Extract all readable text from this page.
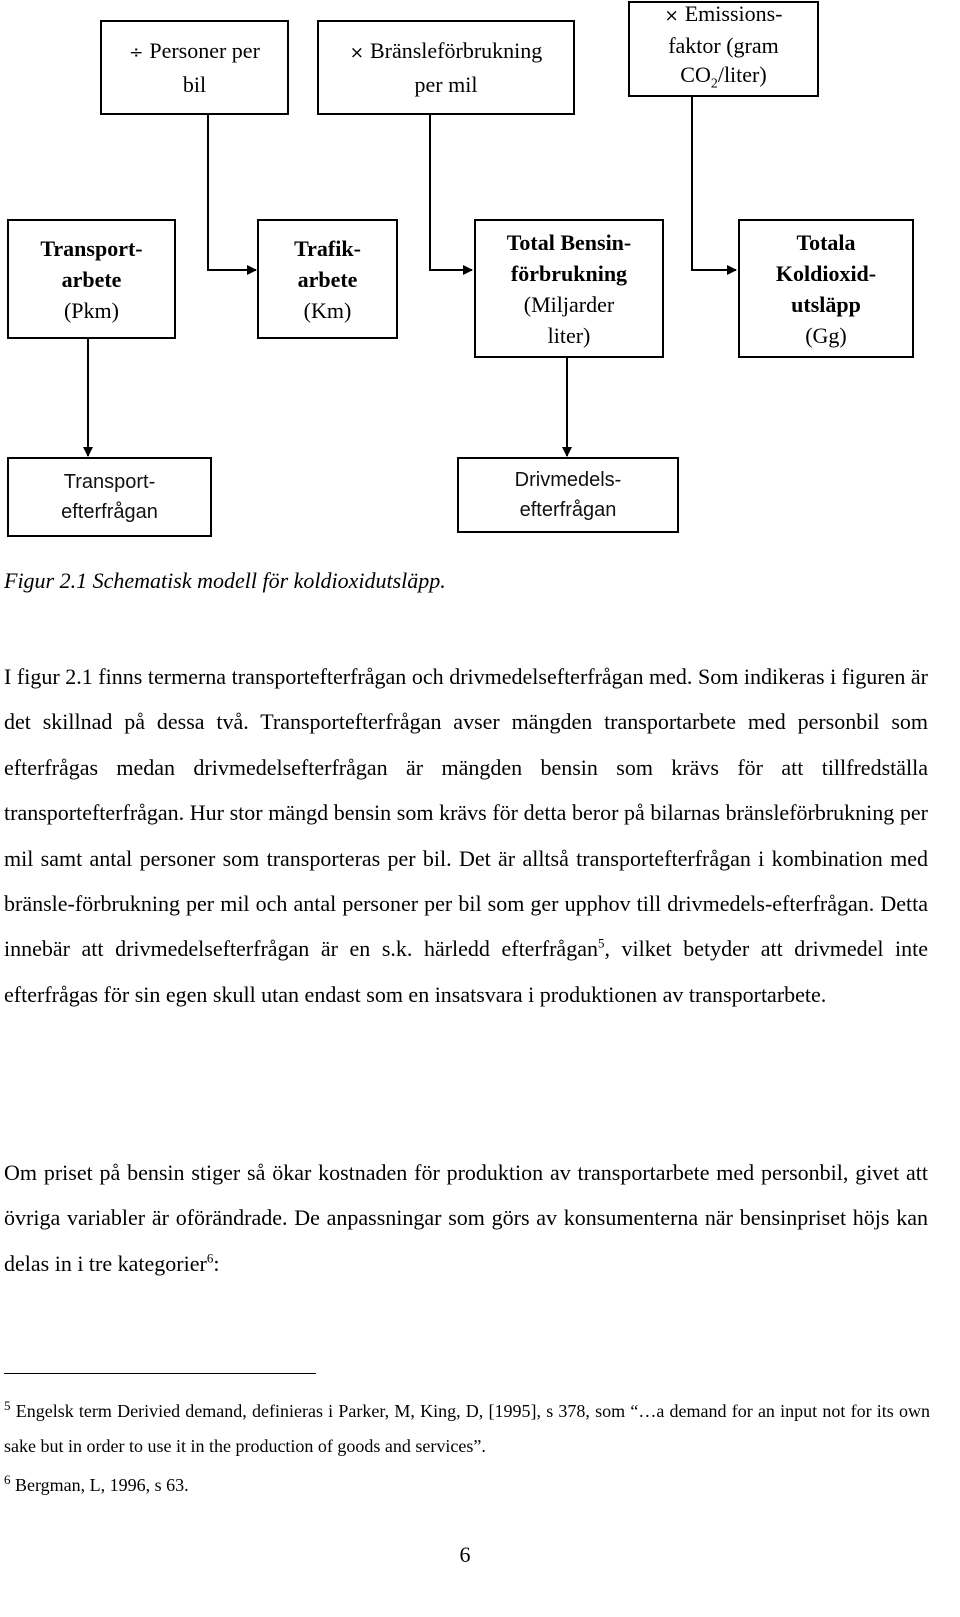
÷ Personer per
bil
× Bränsleförbrukning
per mil
× Emissions-
faktor (gram
$CO_2/liter$)
Transport-
arbete
(Pkm)
Trafik-
arbete
(Km)
Total Bensin-
förbrukning
(Miljarder
liter)
Totala
Koldioxid-
utsläpp
(Gg)
Transport-
efterfrågan
Drivmedels-
efterfrågan
Figur 2.1 Schematisk modell för koldioxidutsläpp.

I figur 2.1 finns termerna transportefterfrågan och drivmedelsefterfrågan med. Som indikeras i figuren är det skillnad på dessa två. Transportefterfrågan avser mängden transportarbete med personbil som efterfrågas medan drivmedelsefterfrågan är mängden bensin som krävs för att tillfredställa transportefterfrågan. Hur stor mängd bensin som krävs för detta beror på bilarnas bränsleförbrukning per mil samt antal personer som transporteras per bil. Det är alltså transportefterfrågan i kombination med bränsle-förbrukning per mil och antal personer per bil som ger upphov till drivmedels-efterfrågan. Detta innebär att drivmedelsefterfrågan är en s.k. härledd efterfrågan$^5$, vilket betyder att drivmedel inte efterfrågas för sin egen skull utan endast som en insatsvara i produktionen av transportarbete.

Om priset på bensin stiger så ökar kostnaden för produktion av transportarbete med personbil, givet att övriga variabler är oförändrade. De anpassningar som görs av konsumenterna när bensinpriset höjs kan delas in i tre kategorier$^6$:

$^5$ Engelsk term Derivied demand, definieras i Parker, M, King, D, [1995], s 378, som “…a demand for an input not for its own sake but in order to use it in the production of goods and services”.

$^6$ Bergman, L, 1996, s 63.

6
